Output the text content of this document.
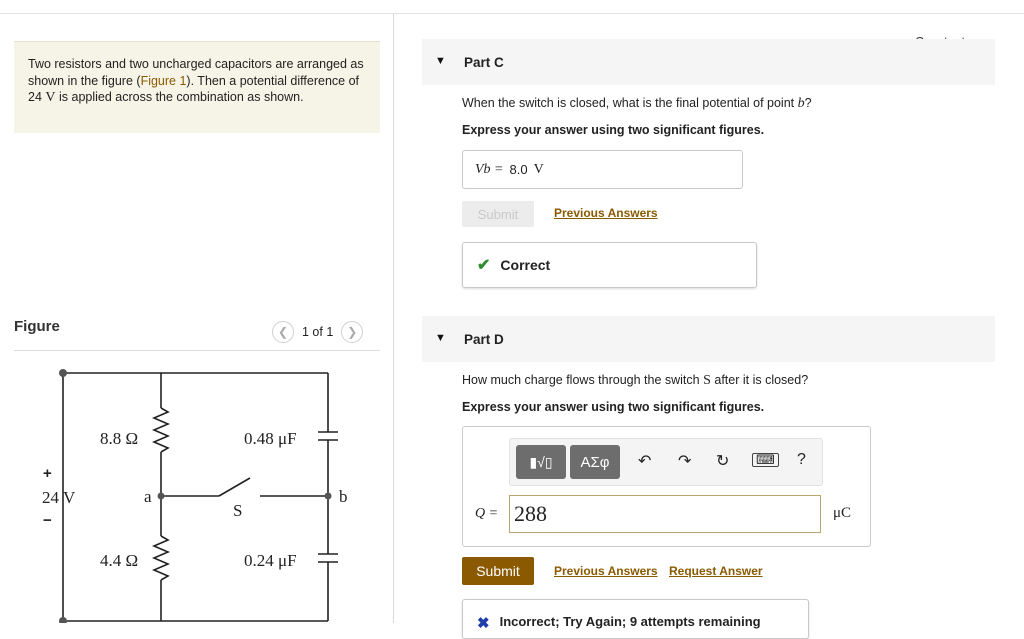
Two resistors and two uncharged capacitors are arranged as shown in the figure (Figure 1). Then a potential difference of 24 V is applied across the combination as shown.
Figure	❮	1 of 1	❯
8.8 Ω
4.4 Ω
0.48 μF
0.24 μF
24 V	a	b
S
+
−
▼ Part C
When the switch is closed, what is the final potential of point b?
Express your answer using two significant figures.
Vb = 8.0 V
Submit	Previous Answers
✔ Correct
▼ Part D
How much charge flows through the switch S after it is closed?
Express your answer using two significant figures.
▮√▯	ΑΣφ	↶ ↷ ↻	⌨ ?
Q = 288	μC
Submit	Previous Answers Request Answer
✖ Incorrect; Try Again; 9 attempts remaining
